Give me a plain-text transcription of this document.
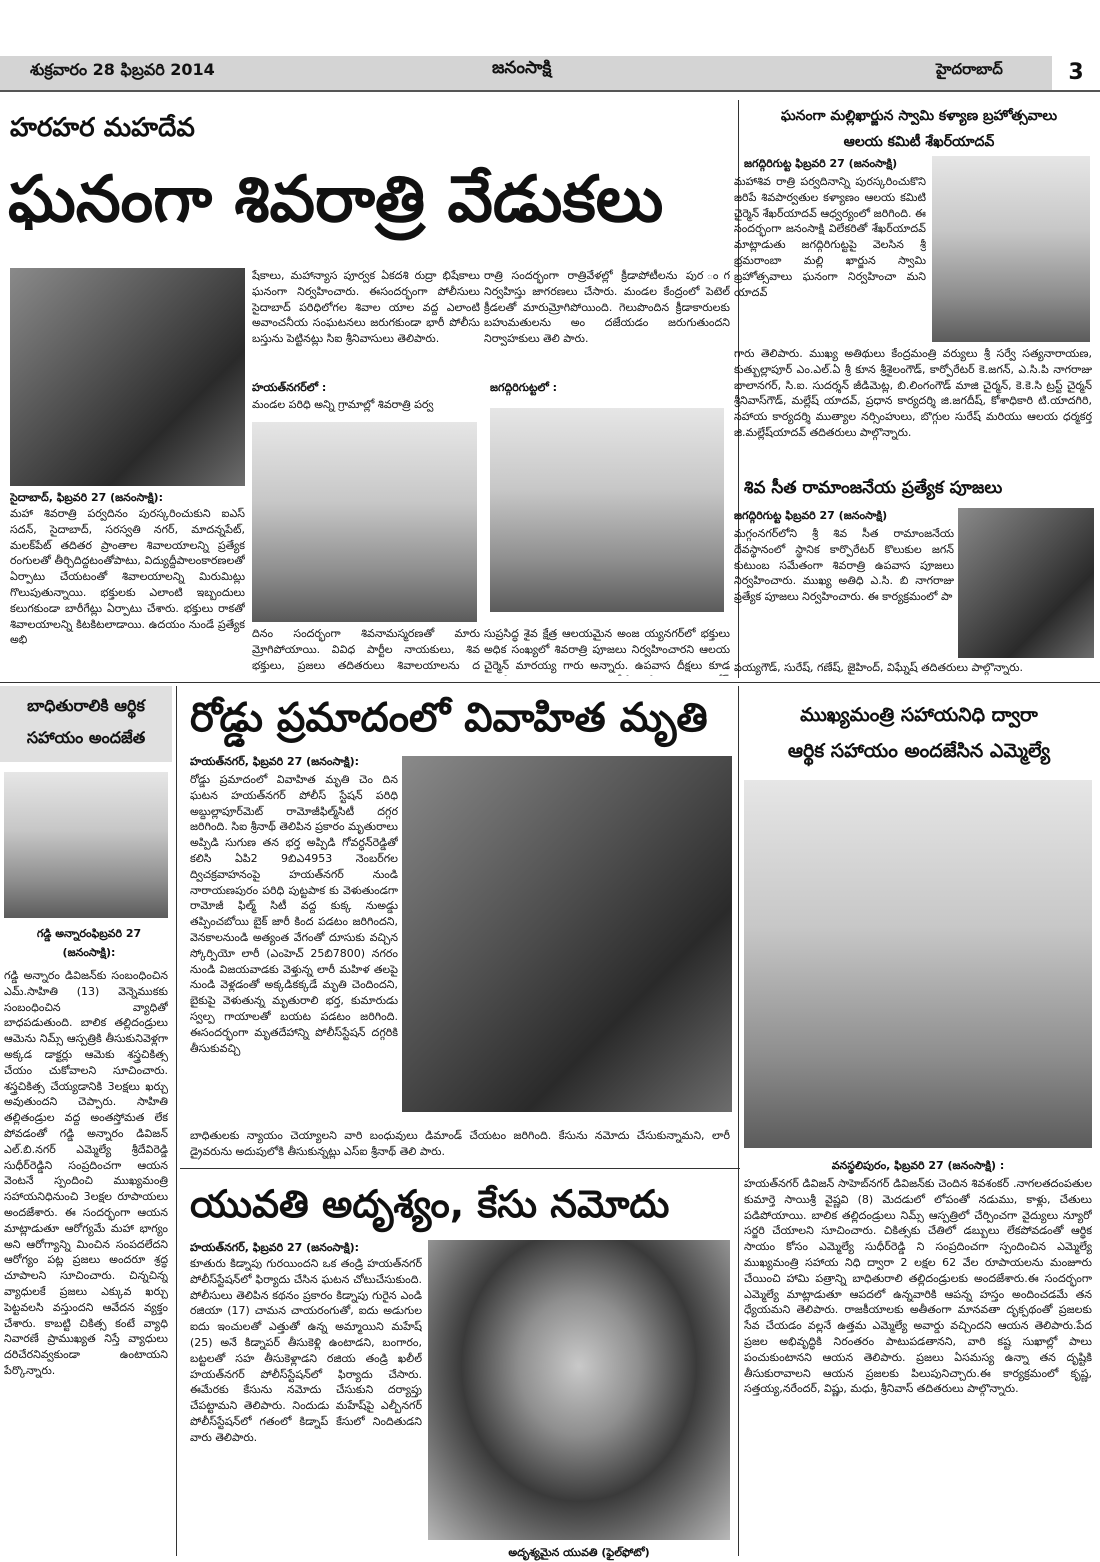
శుక్రవారం 28 ఫిబ్రవరి 2014	జనంసాక్షి	హైదరాబాద్	3
హరహర మహదేవ
ఘనంగా శివరాత్రి వేడుకలు
సైదాబాద్, ఫిబ్రవరి 27 (జనంసాక్షి):
మహా శివరాత్రి పర్వదినం పురస్కరించుకుని ఐఎస్ సదన్, సైదాబాద్, సరస్వతి నగర్, మాదన్నపేట్, మలక్‌పేట్ తదితర ప్రాంతాల శివాలయాలన్ని ప్రత్యేక రంగులతో తీర్చిదిద్దటంతోపాటు, విద్యుద్దీపాలంకారణలతో ఏర్పాటు చేయటంతో శివాలయాలన్ని మిరుమిట్లు గొలుపుతున్నాయి. భక్తులకు ఎలాంటి ఇబ్బందులు కలుగకుండా బారీగేట్లు ఏర్పాటు చేశారు. భక్తులు రాకతో శివాలయాలన్ని కిటకిటలాడాయి. ఉదయం నుండే ప్రత్యేక అభి
షేకాలు, మహాన్యాస పూర్వక ఏకదశి రుద్రా భిషేకాలు ఘనంగా నిర్వహించారు. ఈసందర్భంగా పోలీసులు సైదాబాద్ పరిధిలోగల శివాల యాల వద్ద ఎలాంటి అవాంచనీయ సంఘటనలు జరుగకుండా భారీ పోలీసు బస్తును పెట్టినట్లు సిఐ శ్రీనివాసులు తెలిపారు.
హయత్‌నగర్‌లో :
మండల పరిధి అన్ని గ్రామాల్లో శివరాత్రి పర్వ
దినం సందర్భంగా శివనామస్మరణతో మారు మ్రోగిపోయాయి. వివిధ పార్టీల నాయకులు, శివ భక్తులు, ప్రజలు తదితరులు శివాలయాలను ద
రాత్రి సందర్భంగా రాత్రివేళల్లో క్రీడాపోటీలను పుర ంగ నిర్వహిస్తు జాగరణలు చేసారు. మండల కేంద్రంలో పెటెల్ క్రీడలతో మారుమ్రోగిపోయింది. గెలుపొందిన క్రీడాకారులకు బహుమతులను అం దజేయడం జరుగుతుందని నిర్వాహకులు తెలి పారు.
జగద్గిరిగుట్టలో :
సుప్రసిద్ధ శైవ క్షేత్ర ఆలయమైన అంజ య్యనగర్‌లో భక్తులు అధిక సంఖ్యలో శివరాత్రి పూజలు నిర్వహించారని ఆలయ చైర్మెన్ మారయ్య గారు అన్నారు. ఉపవాస దీక్షలు కూడ
ఘనంగా మల్లిఖార్జున స్వామి కళ్యాణ బ్రహోత్సవాలు
ఆలయ కమిటీ శేఖర్‌యాదవ్
జగద్గిరిగుట్ట ఫిబ్రవరి 27 (జనంసాక్షి)
మహాశివ రాత్రి పర్వదినాన్ని పురస్కరించుకొని జరిపే శివపార్వతుల కళ్యాణం ఆలయ కమిటి చైర్మెన్ శేఖర్‌యాదవ్ ఆధ్వర్యంలో జరిగింది. ఈ సందర్భంగా జనంసాక్షి విలేకరితో శేఖర్‌యాదవ్ మాట్లాడుతు జగద్గిరిగుట్టపై వెలసిన శ్రీ భ్రమరాంబా మల్లి ఖార్జున స్వామి బ్రహోత్సవాలు ఘనంగా నిర్వహించా మని యాదవ్
గారు తెలిపారు. ముఖ్య అతిథులు కేంద్రమంత్రి వర్యులు శ్రీ సర్వే సత్యనారాయణ, కుత్బుల్లాపూర్ ఎం.ఎల్.ఏ శ్రీ కూన శ్రీశైలంగౌడ్, కార్పోరేటర్ కె.జగన్, ఎ.సి.పి నాగరాజు బాలానగర్, సి.ఐ. సుదర్శన్ జీడిమెట్ల, బి.లింగంగౌడ్ మాజి చైర్మన్, కె.కె.సి ట్రస్ట్ చైర్మన్ శ్రీనివాస్‌గౌడ్, మల్లేష్ యాదవ్, ప్రధాన కార్యదర్శి జి.జగదీష్, కోశాధికారి టి.యాదగిరి, సహాయ కార్యదర్శి ముత్యాల నర్సింహులు, బొగ్గుల సురేష్ మరియు ఆలయ ధర్మకర్త జి.మల్లేష్‌యాదవ్ తదితరులు పాల్గొన్నారు.
శివ సీత రామాంజనేయ ప్రత్యేక పూజలు
జగద్గిరిగుట్ట ఫిబ్రవరి 27 (జనంసాక్షి)
మగ్గంనగర్‌లోని శ్రీ శివ సీత రామాంజనేయ దేవస్థానంలో స్థానిక కార్పొరేటర్ కొలుకుల జగన్ కుటుంబ సమేతంగా శివరాత్రి ఉపవాస పూజలు నిర్వహించారు. ముఖ్య అతిధి ఎ.సి. బి నాగరాజు ప్రత్యేక పూజలు నిర్వహించారు. ఈ కార్యక్రమంలో పా
పయ్యగౌడ్, సురేష్, గణేష్, జైహింద్, విఘ్నేష్ తదితరులు పాల్గొన్నారు.
బాధితురాలికి ఆర్థిక
సహాయం అందజేత
గడ్డి అన్నారంఫిబ్రవరి 27
(జనంసాక్షి):
గడ్డి అన్నారం డివిజన్‌కు సంబంధించిన ఎమ్.సాహితి (13) వెన్నెముకకు సంబంధించిన వ్యాధితో బాధపడుతుంది. బాలిక తల్లిదండ్రులు ఆమెను నిమ్స్ ఆస్పత్రికి తీసుకునివెళ్లగా అక్కడ డాక్టర్లు ఆమెకు శస్త్రచికిత్స చేయం చుకోవాలని సూచించారు. శస్త్రచికిత్స చేయ్యడానికి 3లక్షలు ఖర్చు అవుతుందని చెప్పారు. సాహితి తల్లితండ్రుల వద్ద అంతస్తోమత లేక పోవడంతో గడ్డి అన్నారం డివిజన్ ఎల్.బి.నగర్ ఎమ్మెల్యే శ్రీదేవిరెడ్డి సుధీర్‌రెడ్డిని సంప్రదించగా ఆయన వెంటనే స్పందించి ముఖ్యమంత్రి సహాయనిధినుంచి 3లక్షల రూపాయలు అందజేశారు. ఈ సందర్భంగా ఆయన మాట్లాడుతూ ఆరోగ్యమే మహా భాగ్యం అని ఆరోగ్యాన్ని మించిన సంపదలేదని ఆరోగ్యం పట్ల ప్రజలు అందరూ శ్రద్ధ చూపాలని సూచించారు. చిన్నచిన్న వ్యాధులకే ప్రజలు ఎక్కువ ఖర్చు పెట్టవలసి వస్తుందని ఆవేదన వ్యక్తం చేశారు. కాబట్టి చికిత్స కంటే వ్యాధి నివారణే ప్రాముఖ్యత నిస్తే వ్యాధులు దరిచేరనివ్వకుండా ఉంటాయని పేర్కొన్నారు.
రోడ్డు ప్రమాదంలో వివాహిత మృతి
హయత్‌నగర్, ఫిబ్రవరి 27 (జనంసాక్షి):
రోడ్డు ప్రమాదంలో వివాహిత మృతి చెం దిన ఘటన హయత్‌నగర్ పోలీస్ స్టేషన్ పరిధి అబ్దుల్లాపూర్‌మెట్ రామోజీఫిల్మ్‌సిటీ దగ్గర జరిగింది. సిఐ శ్రీనాథ్ తెలిపిన ప్రకారం మృతురాలు అప్పిడి సుగుణ తన భర్త అప్పిడి గోవర్ధన్‌రెడ్డితో కలిసి ఏపి2 9బిఎ4953 నెంబర్‌గల ద్విచక్రవాహనంపై హయత్‌నగర్ నుండి నారాయణపురం పరిధి పుట్టపాక కు వెళుతుండగా రామోజీ ఫిల్మ్ సిటీ వద్ద కుక్క నుఅడ్డు తప్పించబోయి బైక్ జారీ కింద పడటం జరిగిందని, వెనకాలనుండి అత్యంత వేగంతో దూసుకు వచ్చిన స్కోర్పియో లారీ (ఎంహెచ్ 25బి7800) నగరం నుండి విజయవాడకు వెళ్తున్న లారీ మహిళ తలపై నుండి వెళ్లడంతో అక్కడికక్కడే మృతి చెందిందని, బైకుపై వెళుతున్న మృతురాలి భర్త, కుమారుడు స్వల్ప గాయాలతో బయట పడటం జరిగింది. ఈసందర్భంగా మృతదేహాన్ని పోలీస్‌స్టేషన్ దగ్గరికి తీసుకువచ్చి
బాధితులకు న్యాయం చెయ్యాలని వారి బంధువులు డిమాండ్ చేయటం జరిగింది. కేసును నమోదు చేసుకున్నామని, లారీ డ్రైవరును అదుపులోకి తీసుకున్నట్లు ఎస్ఐ శ్రీనాథ్ తెలి పారు.
యువతి అదృశ్యం, కేసు నమోదు
హయత్‌నగర్, ఫిబ్రవరి 27 (జనంసాక్షి):
కూతురు కిడ్నాపు గురయిందని ఒక తండ్రి హయత్‌నగర్ పోలీస్‌స్టేషన్‌లో ఫిర్యాదు చేసిన ఘటన చోటుచేసుకుంది. పోలీసులు తెలిపిన కథనం ప్రకారం కిడ్నాపు గురైన ఎండి రజియా (17) చామన చాయరంగుతో, ఐదు అడుగుల ఐదు ఇంచులతో ఎత్తుతో ఉన్న అమ్మాయిని మహేష్ (25) అనే కిడ్నాపర్ తీసుకెళ్లి ఉంటాడని, బంగారం, బట్టలతో సహ తీసుకెళ్లాడని రజియ తండ్రి ఖలీల్ హయత్‌నగర్ పోలీస్‌స్టేషన్‌లో ఫిర్యాదు చేసారు. ఈమేరకు కేసును నమోదు చేసుకుని దర్యాప్తు చేపట్టామని తెలిపారు. నిందుడు మహేష్‌పై ఎల్బీనగర్ పోలీస్‌స్టేషన్‌లో గతంలో కిడ్నాప్ కేసులో నిందితుడని వారు తెలిపారు.
అదృశ్యమైన యువతి (ఫైల్‌ఫోటో)
ముఖ్యమంత్రి సహాయనిధి ద్వారా
ఆర్థిక సహాయం అందజేసిన ఎమ్మెల్యే
వనస్థలిపురం, ఫిబ్రవరి 27 (జనంసాక్షి) :
హయత్‌నగర్ డివిజన్ సాహెబ్‌నగర్ డివిజన్‌కు చెందిన శివశంకర్ .నాగలతదంపతుల కుమార్తె సాయిశ్రీ వైష్ణవి (8) మెదడులో లోపంతో నడుము, కాళ్లు, చేతులు పడిపోయాయి. బాలిక తల్లిదండ్రులు నిమ్స్ ఆస్పత్రిలో చేర్పించగా వైద్యులు న్యూరో సర్జరి చేయాలని సూచించారు. చికిత్సకు చేతిలో డబ్బులు లేకపోవడంతో ఆర్థిక సాయం కోసం ఎమ్మెల్యే సుధీర్‌రెడ్డి ని సంప్రదించగా స్పందించిన ఎమ్మెల్యే ముఖ్యమంత్రి సహాయ నిధి ద్వారా 2 లక్షల 62 వేల రూపాయలను మంజూరు చేయించి హామి పత్రాన్ని బాధితురాలి తల్లిదండ్రులకు అందజేశారు.ఈ సందర్భంగా ఎమ్మెల్యే మాట్లాడుతూ ఆపదలో ఉన్నవారికి ఆపన్న హస్తం అందించడమే తన ధ్యేయమని తెలిపారు. రాజకీయాలకు అతీతంగా మానవతా దృక్పథంతో ప్రజలకు సేవ చేయడం వల్లనే ఉత్తమ ఎమ్మెల్యే అవార్డు వచ్చిందని ఆయన తెలిపారు.పేద ప్రజల అభివృద్ధికి నిరంతరం పాటుపడతానని, వారి కష్ట సుఖాల్లో పాలు పంచుకుంటానని ఆయన తెలిపారు. ప్రజలు ఏసమస్య ఉన్నా తన దృష్టికి తీసుకురావాలని ఆయన ప్రజలకు పిలుపునిచ్చారు.ఈ కార్యక్రమంలో కృష్ణ, సత్తయ్య,నరేందర్, విష్ణు, మధు, శ్రీనివాస్ తదితరులు పాల్గొన్నారు.
